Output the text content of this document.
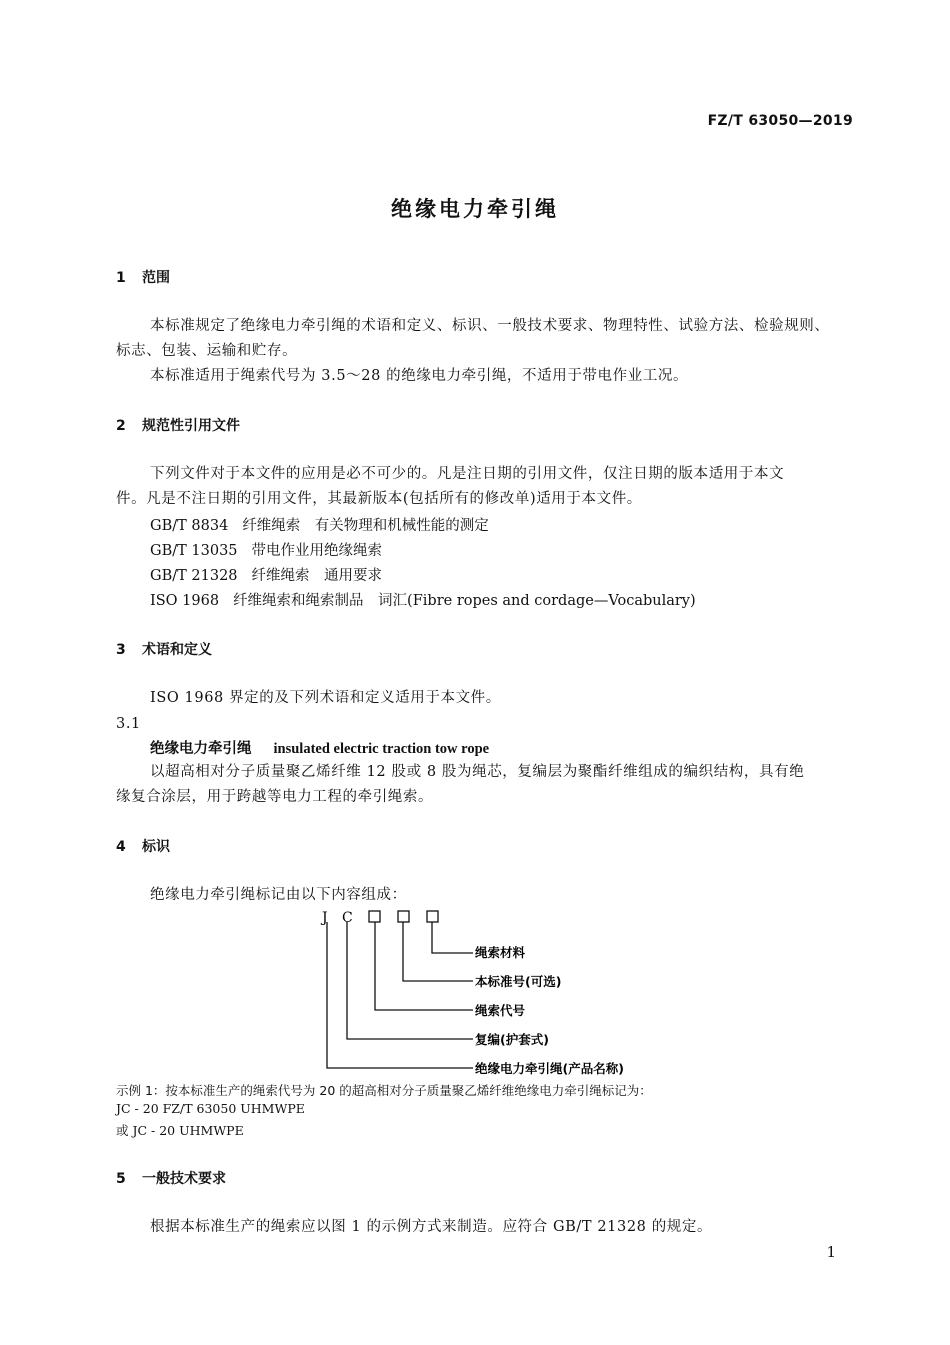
FZ/T 63050—2019
绝缘电力牵引绳
1 范围
本标准规定了绝缘电力牵引绳的术语和定义、标识、一般技术要求、物理特性、试验方法、检验规则、
标志、包装、运输和贮存。
本标准适用于绳索代号为 3.5～28 的绝缘电力牵引绳，不适用于带电作业工况。
2 规范性引用文件
下列文件对于本文件的应用是必不可少的。凡是注日期的引用文件，仅注日期的版本适用于本文
件。凡是不注日期的引用文件，其最新版本(包括所有的修改单)适用于本文件。
GB/T 8834 纤维绳索　有关物理和机械性能的测定
GB/T 13035 带电作业用绝缘绳索
GB/T 21328 纤维绳索　通用要求
ISO 1968 纤维绳索和绳索制品　词汇(Fibre ropes and cordage—Vocabulary)
3 术语和定义
ISO 1968 界定的及下列术语和定义适用于本文件。
3.1
绝缘电力牵引绳 insulated electric traction tow rope
以超高相对分子质量聚乙烯纤维 12 股或 8 股为绳芯，复编层为聚酯纤维组成的编织结构，具有绝
缘复合涂层，用于跨越等电力工程的牵引绳索。
4 标识
绝缘电力牵引绳标记由以下内容组成：
J C
绳索材料
本标准号(可选)
绳索代号
复编(护套式)
绝缘电力牵引绳(产品名称)
示例 1：按本标准生产的绳索代号为 20 的超高相对分子质量聚乙烯纤维绝缘电力牵引绳标记为：
JC - 20 FZ/T 63050 UHMWPE
或 JC - 20 UHMWPE
5 一般技术要求
根据本标准生产的绳索应以图 1 的示例方式来制造。应符合 GB/T 21328 的规定。
1
